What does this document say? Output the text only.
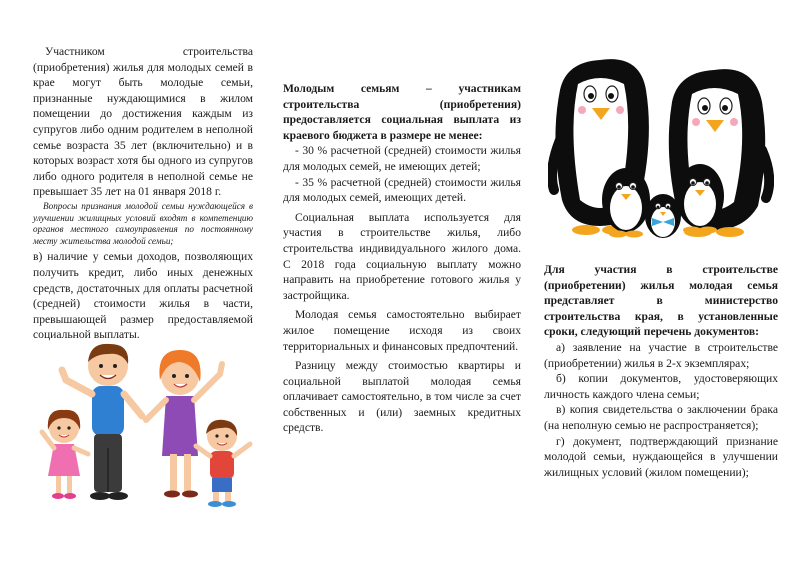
Участником строительства (приобретения) жилья для молодых семей в крае могут быть молодые семьи, признанные нуждающимися в жилом помещении до достижения каждым из супругов либо одним родителем в неполной семье возраста 35 лет (включительно) и в которых возраст хотя бы одного из супругов либо одного родителя в неполной семье не превышает 35 лет на 01 января 2018 г.

Вопросы признания молодой семьи нуждающейся в улучшении жилищных условий входят в компетенцию органов местного самоуправления по постоянному месту жительства молодой семьи;

в) наличие у семьи доходов, позволяющих получить кредит, либо иных денежных средств, достаточных для оплаты расчетной (средней) стоимости жилья в части, превышающей размер предоставляемой социальной выплаты.

Молодым семьям – участникам строительства (приобретения) предоставляется социальная выплата из краевого бюджета в размере не менее:

- 30 % расчетной (средней) стоимости жилья для молодых семей, не имеющих детей;

- 35 % расчетной (средней) стоимости жилья для молодых семей, имеющих детей.

Социальная выплата используется для участия в строительстве жилья, либо строительства индивидуального жилого дома. С 2018 года социальную выплату можно направить на приобретение готового жилья у застройщика.

Молодая семья самостоятельно выбирает жилое помещение исходя из своих территориальных и финансовых предпочтений.

Разницу между стоимостью квартиры и социальной выплатой молодая семья оплачивает самостоятельно, в том числе за счет собственных и (или) заемных кредитных средств.

Для участия в строительстве (приобретении) жилья молодая семья представляет в министерство строительства края, в установленные сроки, следующий перечень документов:

а) заявление на участие в строительстве (приобретении) жилья в 2-х экземплярах;

б) копии документов, удостоверяющих личность каждого члена семьи;

в) копия свидетельства о заключении брака (на неполную семью не распространяется);

г) документ, подтверждающий признание молодой семьи, нуждающейся в улучшении жилищных условий (жилом помещении);
